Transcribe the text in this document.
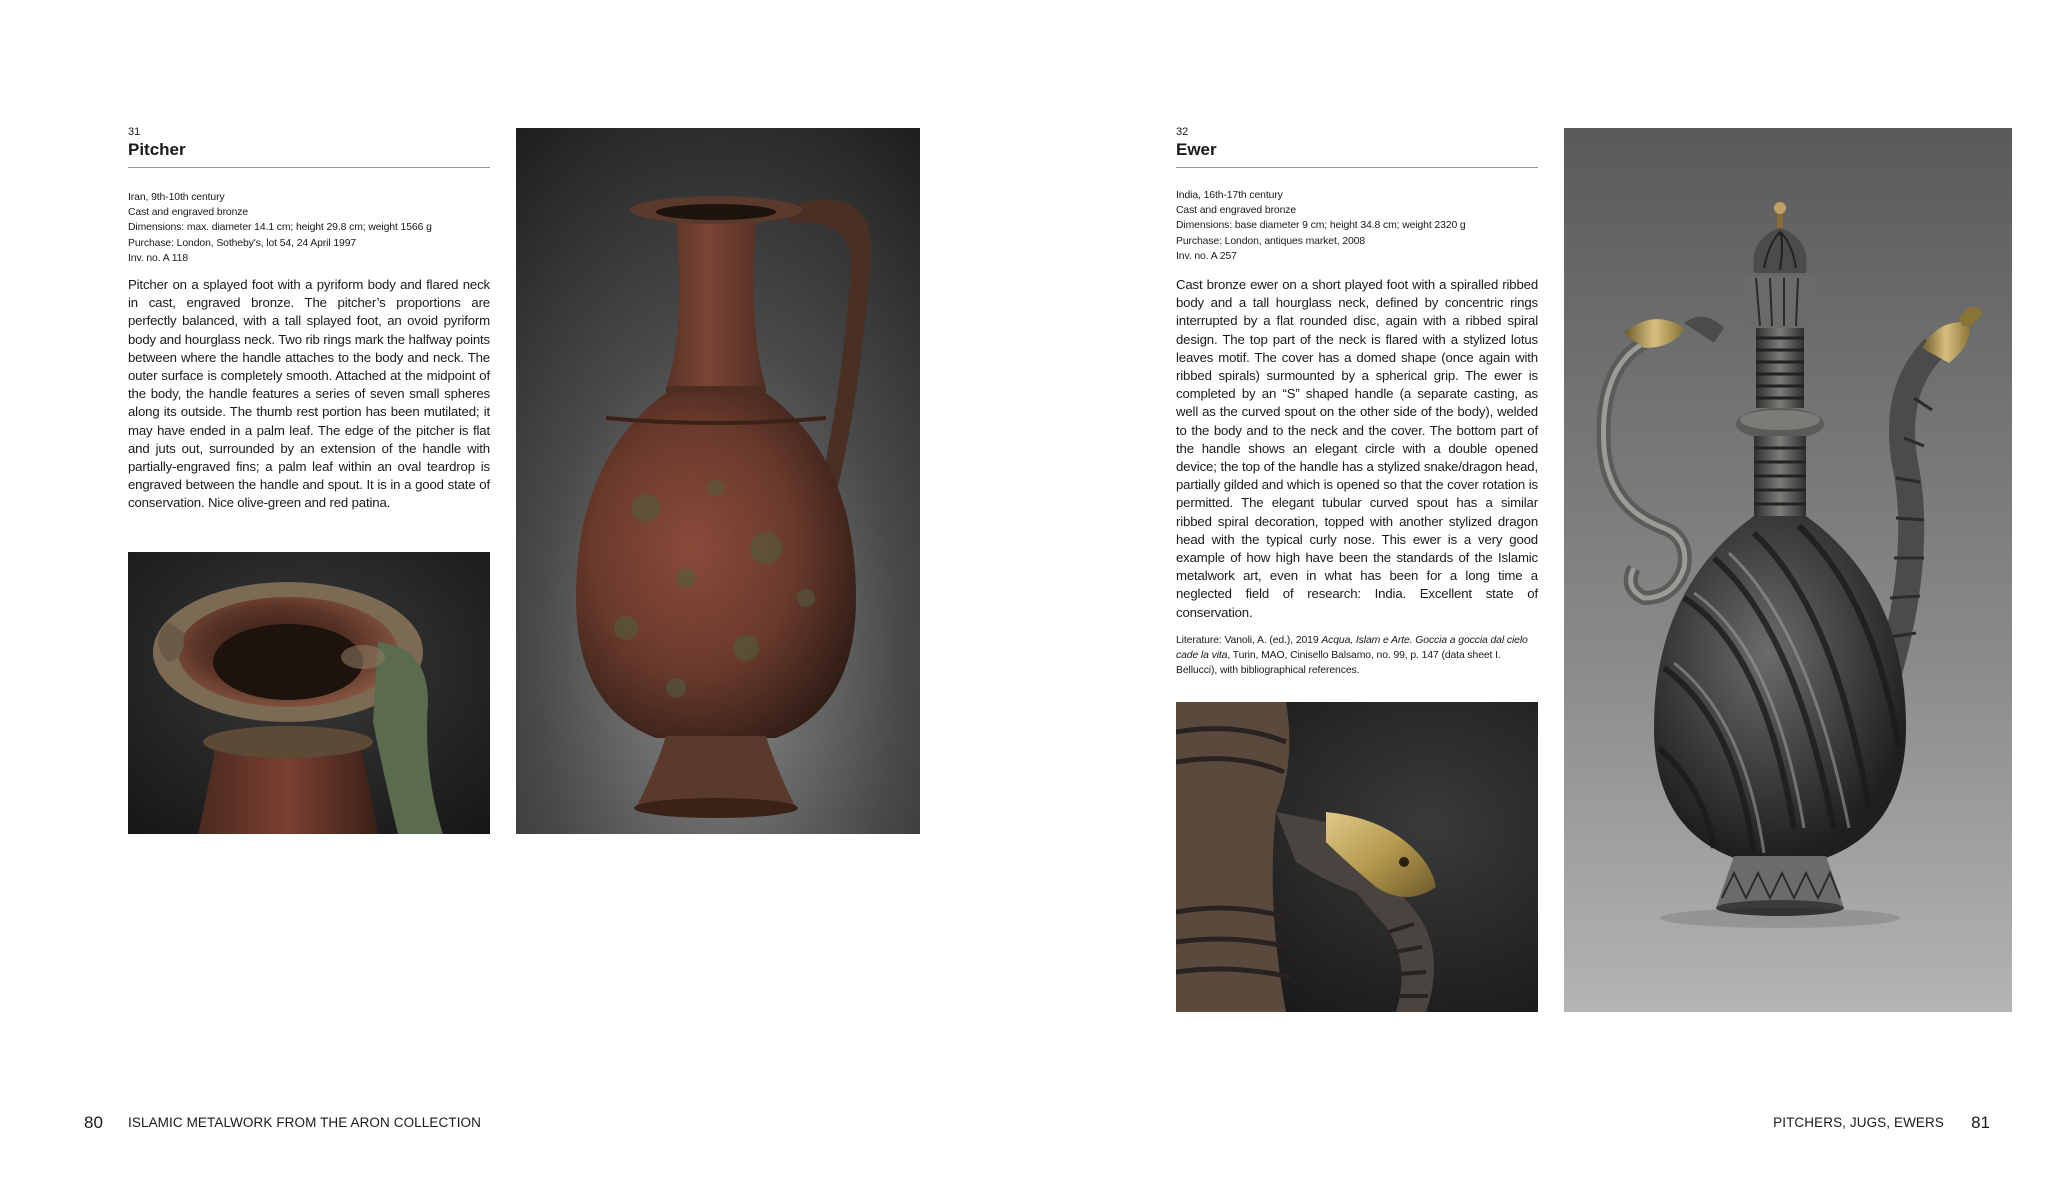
31
Pitcher
Iran, 9th-10th century
Cast and engraved bronze
Dimensions: max. diameter 14.1 cm; height 29.8 cm; weight 1566 g
Purchase: London, Sotheby's, lot 54, 24 April 1997
Inv. no. A 118
Pitcher on a splayed foot with a pyriform body and flared neck in cast, engraved bronze. The pitcher’s proportions are perfectly balanced, with a tall splayed foot, an ovoid pyriform body and hourglass neck. Two rib rings mark the halfway points between where the handle attaches to the body and neck. The outer surface is completely smooth. Attached at the midpoint of the body, the handle features a series of seven small spheres along its outside. The thumb rest portion has been mutilated; it may have ended in a palm leaf. The edge of the pitcher is flat and juts out, surrounded by an extension of the handle with partially-engraved fins; a palm leaf within an oval teardrop is engraved between the handle and spout. It is in a good state of conservation. Nice olive-green and red patina.
80 ISLAMIC METALWORK FROM THE ARON COLLECTION
32
Ewer
India, 16th-17th century
Cast and engraved bronze
Dimensions: base diameter 9 cm; height 34.8 cm; weight 2320 g
Purchase: London, antiques market, 2008
Inv. no. A 257
Cast bronze ewer on a short played foot with a spiralled ribbed body and a tall hourglass neck, defined by concentric rings interrupted by a flat rounded disc, again with a ribbed spiral design. The top part of the neck is flared with a stylized lotus leaves motif. The cover has a domed shape (once again with ribbed spirals) surmounted by a spherical grip. The ewer is completed by an “S” shaped handle (a separate casting, as well as the curved spout on the other side of the body), welded to the body and to the neck and the cover. The bottom part of the handle shows an elegant circle with a double opened device; the top of the handle has a stylized snake/dragon head, partially gilded and which is opened so that the cover rotation is permitted. The elegant tubular curved spout has a similar ribbed spiral decoration, topped with another stylized dragon head with the typical curly nose. This ewer is a very good example of how high have been the standards of the Islamic metalwork art, even in what has been for a long time a neglected field of research: India. Excellent state of conservation.
Literature: Vanoli, A. (ed.), 2019 Acqua, Islam e Arte. Goccia a goccia dal cielo cade la vita, Turin, MAO, Cinisello Balsamo, no. 99, p. 147 (data sheet I. Bellucci), with bibliographical references.
PITCHERS, JUGS, EWERS 81
